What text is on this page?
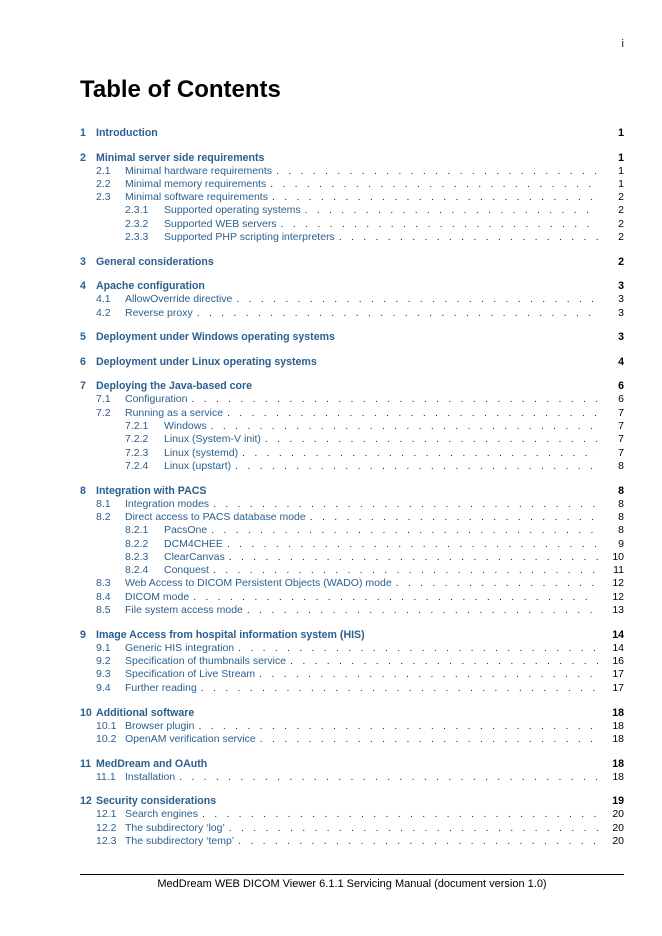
i
Table of Contents
1 Introduction	1
2 Minimal server side requirements	1
2.1	Minimal hardware requirements . . .	1
2.2	Minimal memory requirements . . .	1
2.3	Minimal software requirements . . .	2
2.3.1	Supported operating systems . . .	2
2.3.2	Supported WEB servers . . .	2
2.3.3	Supported PHP scripting interpreters . . .	2
3 General considerations	2
4 Apache configuration	3
4.1	AllowOverride directive . . .	3
4.2	Reverse proxy . . .	3
5 Deployment under Windows operating systems	3
6 Deployment under Linux operating systems	4
7 Deploying the Java-based core	6
7.1	Configuration . . .	6
7.2	Running as a service . . .	7
7.2.1	Windows . . .	7
7.2.2	Linux (System-V init) . . .	7
7.2.3	Linux (systemd) . . .	7
7.2.4	Linux (upstart) . . .	8
8 Integration with PACS	8
8.1	Integration modes . . .	8
8.2	Direct access to PACS database mode . . .	8
8.2.1	PacsOne . . .	8
8.2.2	DCM4CHEE . . .	9
8.2.3	ClearCanvas . . .	10
8.2.4	Conquest . . .	11
8.3	Web Access to DICOM Persistent Objects (WADO) mode . . .	12
8.4	DICOM mode . . .	12
8.5	File system access mode . . .	13
9 Image Access from hospital information system (HIS)	14
9.1	Generic HIS integration . . .	14
9.2	Specification of thumbnails service . . .	16
9.3	Specification of Live Stream . . .	17
9.4	Further reading . . .	17
10 Additional software	18
10.1 Browser plugin . . .	18
10.2 OpenAM verification service . . .	18
11 MedDream and OAuth	18
11.1 Installation . . .	18
12 Security considerations	19
12.1 Search engines . . .	20
12.2 The subdirectory ‘log’ . . .	20
12.3 The subdirectory ‘temp’ . . .	20
MedDream WEB DICOM Viewer 6.1.1 Servicing Manual (document version 1.0)
